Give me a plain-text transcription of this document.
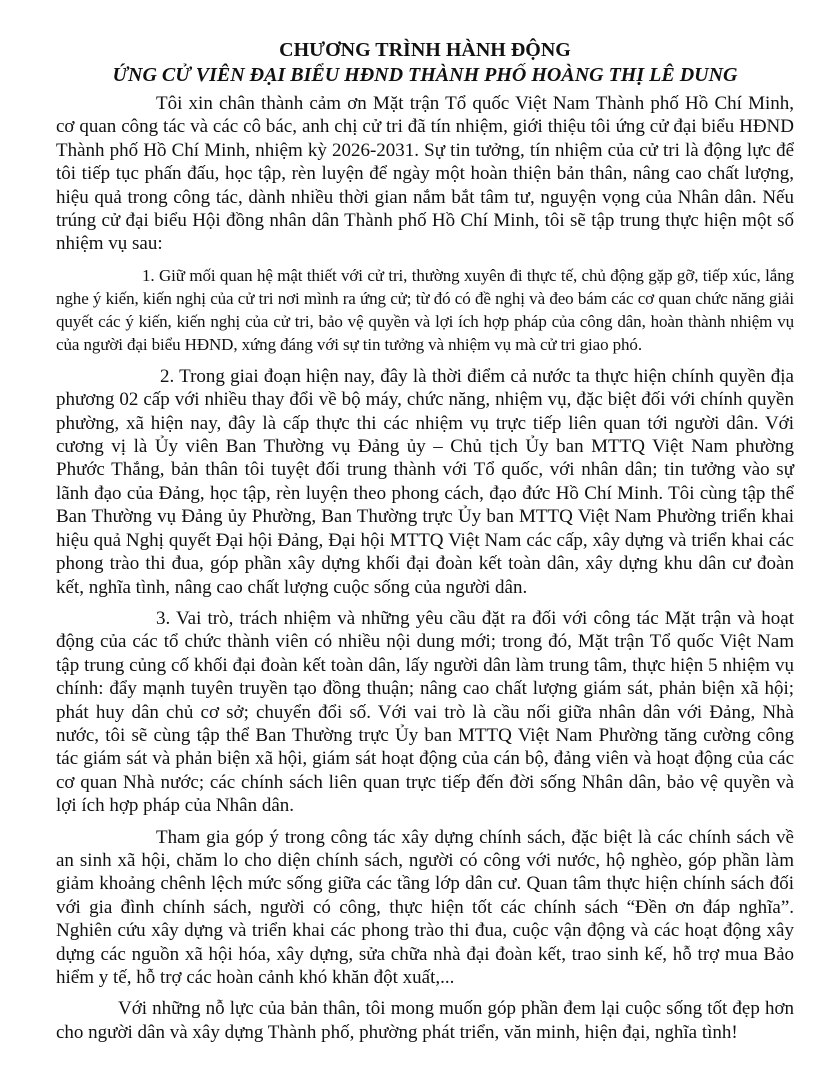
CHƯƠNG TRÌNH HÀNH ĐỘNG
ỨNG CỬ VIÊN ĐẠI BIỂU HĐND THÀNH PHỐ HOÀNG THỊ LÊ DUNG

Tôi xin chân thành cảm ơn Mặt trận Tổ quốc Việt Nam Thành phố Hồ Chí Minh, cơ quan công tác và các cô bác, anh chị cử tri đã tín nhiệm, giới thiệu tôi ứng cử đại biểu HĐND Thành phố Hồ Chí Minh, nhiệm kỳ 2026-2031. Sự tin tưởng, tín nhiệm của cử tri là động lực để tôi tiếp tục phấn đấu, học tập, rèn luyện để ngày một hoàn thiện bản thân, nâng cao chất lượng, hiệu quả trong công tác, dành nhiều thời gian nắm bắt tâm tư, nguyện vọng của Nhân dân. Nếu trúng cử đại biểu Hội đồng nhân dân Thành phố Hồ Chí Minh, tôi sẽ tập trung thực hiện một số nhiệm vụ sau:

1. Giữ mối quan hệ mật thiết với cử tri, thường xuyên đi thực tế, chủ động gặp gỡ, tiếp xúc, lắng nghe ý kiến, kiến nghị của cử tri nơi mình ra ứng cử; từ đó có đề nghị và đeo bám các cơ quan chức năng giải quyết các ý kiến, kiến nghị của cử tri, bảo vệ quyền và lợi ích hợp pháp của công dân, hoàn thành nhiệm vụ của người đại biểu HĐND, xứng đáng với sự tin tưởng và nhiệm vụ mà cử tri giao phó.

2. Trong giai đoạn hiện nay, đây là thời điểm cả nước ta thực hiện chính quyền địa phương 02 cấp với nhiều thay đổi về bộ máy, chức năng, nhiệm vụ, đặc biệt đối với chính quyền phường, xã hiện nay, đây là cấp thực thi các nhiệm vụ trực tiếp liên quan tới người dân. Với cương vị là Ủy viên Ban Thường vụ Đảng ủy – Chủ tịch Ủy ban MTTQ Việt Nam phường Phước Thắng, bản thân tôi tuyệt đối trung thành với Tổ quốc, với nhân dân; tin tưởng vào sự lãnh đạo của Đảng, học tập, rèn luyện theo phong cách, đạo đức Hồ Chí Minh. Tôi cùng tập thể Ban Thường vụ Đảng ủy Phường, Ban Thường trực Ủy ban MTTQ Việt Nam Phường triển khai hiệu quả Nghị quyết Đại hội Đảng, Đại hội MTTQ Việt Nam các cấp, xây dựng và triển khai các phong trào thi đua, góp phần xây dựng khối đại đoàn kết toàn dân, xây dựng khu dân cư đoàn kết, nghĩa tình, nâng cao chất lượng cuộc sống của người dân.

3. Vai trò, trách nhiệm và những yêu cầu đặt ra đối với công tác Mặt trận và hoạt động của các tổ chức thành viên có nhiều nội dung mới; trong đó, Mặt trận Tổ quốc Việt Nam tập trung củng cố khối đại đoàn kết toàn dân, lấy người dân làm trung tâm, thực hiện 5 nhiệm vụ chính: đẩy mạnh tuyên truyền tạo đồng thuận; nâng cao chất lượng giám sát, phản biện xã hội; phát huy dân chủ cơ sở; chuyển đổi số. Với vai trò là cầu nối giữa nhân dân với Đảng, Nhà nước, tôi sẽ cùng tập thể Ban Thường trực Ủy ban MTTQ Việt Nam Phường tăng cường công tác giám sát và phản biện xã hội, giám sát hoạt động của cán bộ, đảng viên và hoạt động của các cơ quan Nhà nước; các chính sách liên quan trực tiếp đến đời sống Nhân dân, bảo vệ quyền và lợi ích hợp pháp của Nhân dân.

Tham gia góp ý trong công tác xây dựng chính sách, đặc biệt là các chính sách về an sinh xã hội, chăm lo cho diện chính sách, người có công với nước, hộ nghèo, góp phần làm giảm khoảng chênh lệch mức sống giữa các tầng lớp dân cư. Quan tâm thực hiện chính sách đối với gia đình chính sách, người có công, thực hiện tốt các chính sách “Đền ơn đáp nghĩa”. Nghiên cứu xây dựng và triển khai các phong trào thi đua, cuộc vận động và các hoạt động xây dựng các nguồn xã hội hóa, xây dựng, sửa chữa nhà đại đoàn kết, trao sinh kế, hỗ trợ mua Bảo hiểm y tế, hỗ trợ các hoàn cảnh khó khăn đột xuất,...

Với những nỗ lực của bản thân, tôi mong muốn góp phần đem lại cuộc sống tốt đẹp hơn cho người dân và xây dựng Thành phố, phường phát triển, văn minh, hiện đại, nghĩa tình!
